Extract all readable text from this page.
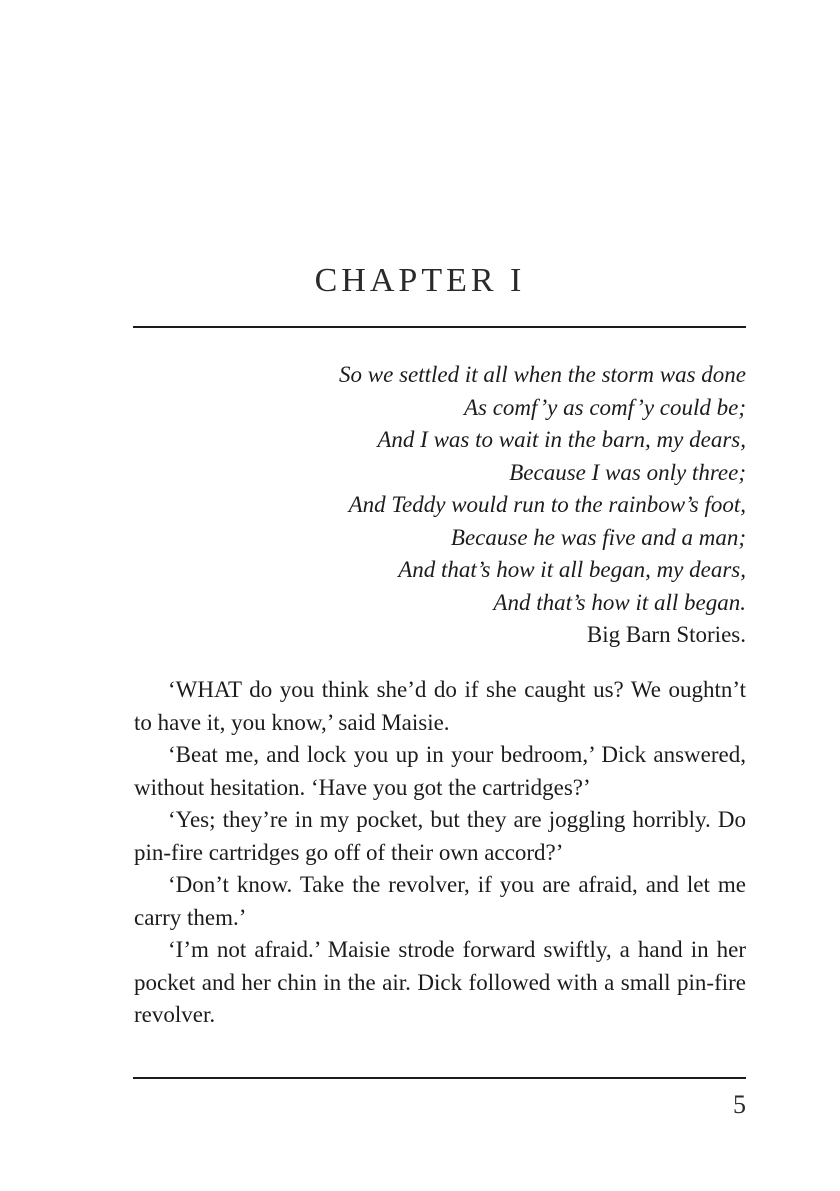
CHAPTER I
So we settled it all when the storm was done
As comf’y as comf’y could be;
And I was to wait in the barn, my dears,
Because I was only three;
And Teddy would run to the rainbow’s foot,
Because he was five and a man;
And that’s how it all began, my dears,
And that’s how it all began.
Big Barn Stories.

‘WHAT do you think she’d do if she caught us? We oughtn’t to have it, you know,’ said Maisie.

‘Beat me, and lock you up in your bedroom,’ Dick answered, without hesitation. ‘Have you got the cartridges?’

‘Yes; they’re in my pocket, but they are joggling horribly. Do pin-fire cartridges go off of their own accord?’

‘Don’t know. Take the revolver, if you are afraid, and let me carry them.’

‘I’m not afraid.’ Maisie strode forward swiftly, a hand in her pocket and her chin in the air. Dick followed with a small pin-fire revolver.

5
